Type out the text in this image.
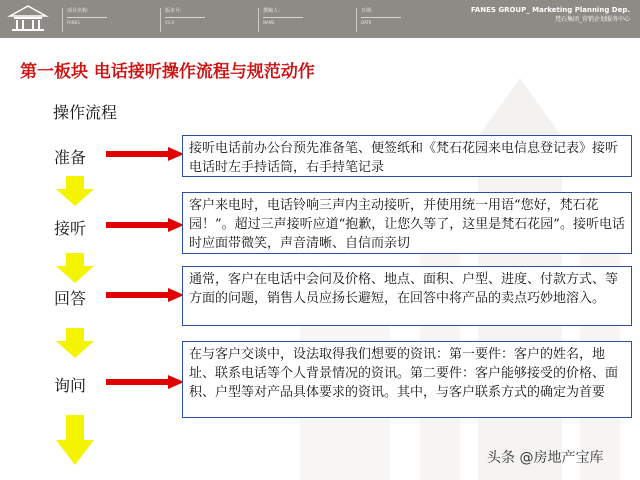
项目名称:
FANES
版本号:
V1.0
撰稿人:
NAME
日期:
DATE
FANES GROUP_ Marketing Planning Dep.
梵石集团_营销企划服务中心
第一板块 电话接听操作流程与规范动作
操作流程
准备	接听电话前办公台预先准备笔、便签纸和《梵石花园来电信息登记表》接听电话时左手持话筒，右手持笔记录
接听
客户来电时，电话铃响三声内主动接听，并使用统一用语“您好，梵石花园！”。超过三声接听应道“抱歉，让您久等了，这里是梵石花园”。接听电话时应面带微笑，声音清晰、自信而亲切
回答
通常，客户在电话中会问及价格、地点、面积、户型、进度、付款方式、等方面的问题，销售人员应扬长避短，在回答中将产品的卖点巧妙地溶入。
询问
在与客户交谈中，设法取得我们想要的资讯：第一要件：客户的姓名，地址、联系电话等个人背景情况的资讯。第二要件：客户能够接受的价格、面积、户型等对产品具体要求的资讯。其中，与客户联系方式的确定为首要
头条 @房地产宝库
